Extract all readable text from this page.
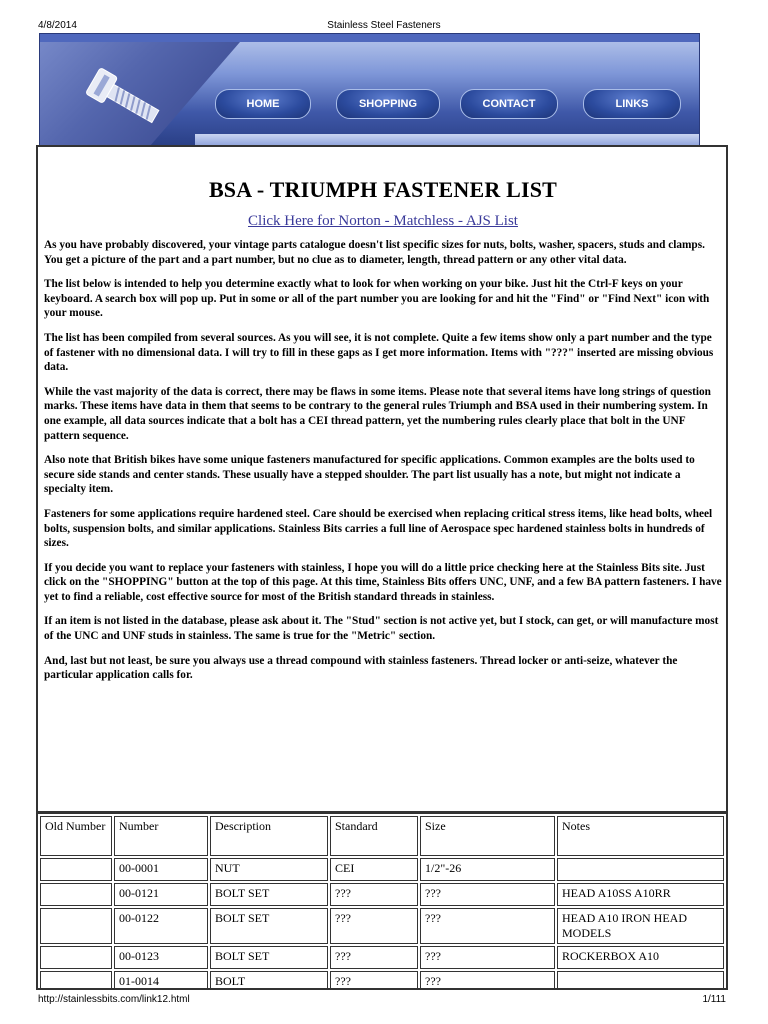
4/8/2014	Stainless Steel Fasteners
HOME	SHOPPING	CONTACT	LINKS
BSA - TRIUMPH FASTENER LIST
Click Here for Norton - Matchless - AJS List

As you have probably discovered, your vintage parts catalogue doesn't list specific sizes for nuts, bolts, washer, spacers, studs and clamps. You get a picture of the part and a part number, but no clue as to diameter, length, thread pattern or any other vital data.

The list below is intended to help you determine exactly what to look for when working on your bike. Just hit the Ctrl-F keys on your keyboard. A search box will pop up. Put in some or all of the part number you are looking for and hit the "Find" or "Find Next" icon with your mouse.

The list has been compiled from several sources. As you will see, it is not complete. Quite a few items show only a part number and the type of fastener with no dimensional data. I will try to fill in these gaps as I get more information. Items with "???" inserted are missing obvious data.

While the vast majority of the data is correct, there may be flaws in some items. Please note that several items have long strings of question marks. These items have data in them that seems to be contrary to the general rules Triumph and BSA used in their numbering system. In one example, all data sources indicate that a bolt has a CEI thread pattern, yet the numbering rules clearly place that bolt in the UNF pattern sequence.

Also note that British bikes have some unique fasteners manufactured for specific applications. Common examples are the bolts used to secure side stands and center stands. These usually have a stepped shoulder. The part list usually has a note, but might not indicate a specialty item.

Fasteners for some applications require hardened steel. Care should be exercised when replacing critical stress items, like head bolts, wheel bolts, suspension bolts, and similar applications. Stainless Bits carries a full line of Aerospace spec hardened stainless bolts in hundreds of sizes.

If you decide you want to replace your fasteners with stainless, I hope you will do a little price checking here at the Stainless Bits site. Just click on the "SHOPPING" button at the top of this page. At this time, Stainless Bits offers UNC, UNF, and a few BA pattern fasteners. I have yet to find a reliable, cost effective source for most of the British standard threads in stainless.

If an item is not listed in the database, please ask about it. The "Stud" section is not active yet, but I stock, can get, or will manufacture most of the UNC and UNF studs in stainless. The same is true for the "Metric" section.

And, last but not least, be sure you always use a thread compound with stainless fasteners. Thread locker or anti-seize, whatever the particular application calls for.

Old Number	Number	Description	Standard	Size	Notes
	00-0001	NUT	CEI	1/2"-26	
	00-0121	BOLT SET	???	???	HEAD A10SS A10RR
	00-0122	BOLT SET	???	???	HEAD A10 IRON HEAD MODELS
	00-0123	BOLT SET	???	???	ROCKERBOX A10
	01-0014	BOLT	???	???	
http://stainlessbits.com/link12.html	1/111
